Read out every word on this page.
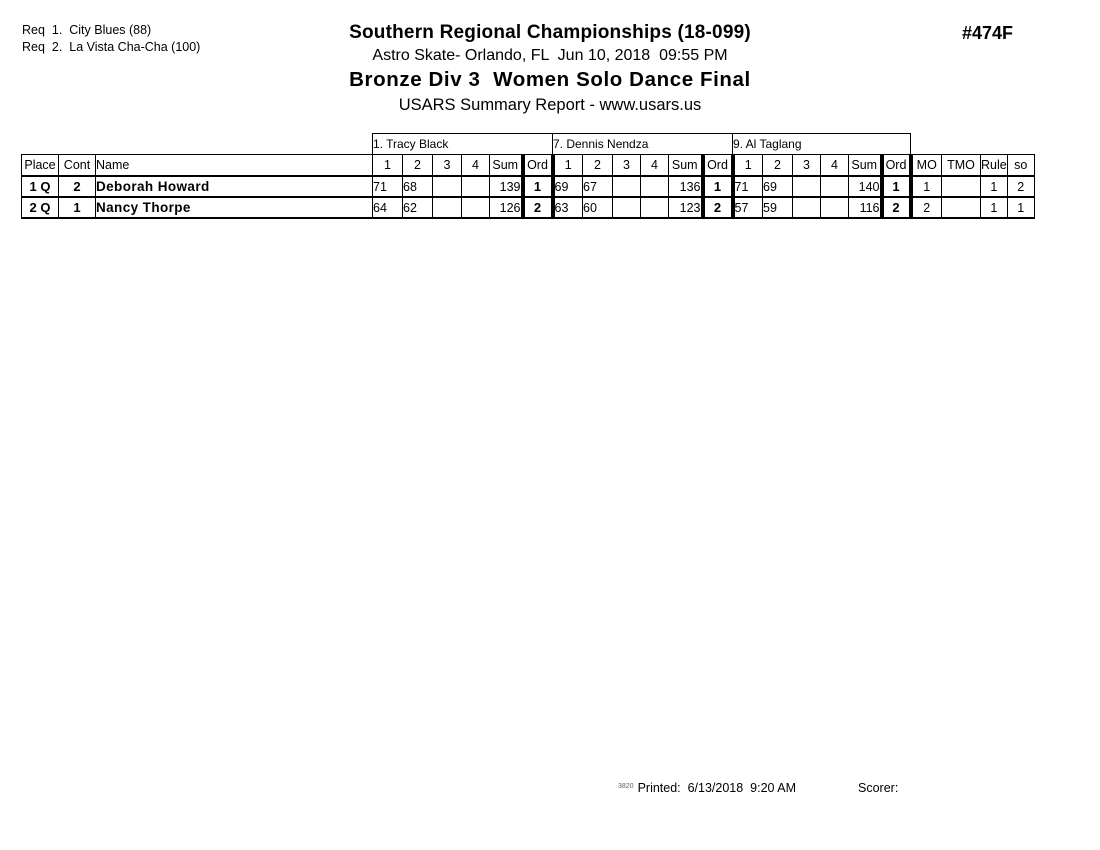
Req  1.  City Blues (88)
Req  2.  La Vista Cha-Cha (100)
Southern Regional Championships (18-099)
Astro Skate- Orlando, FL  Jun 10, 2018  09:55 PM
Bronze Div 3  Women Solo Dance Final
USARS Summary Report - www.usars.us
#474F
			1. Tracy Black						7. Dennis Nendza						9. Al Taglang									
Place	Cont	Name	1	2	3	4	Sum	Ord	1	2	3	4	Sum	Ord	1	2	3	4	Sum	Ord	MO	TMO	Rule	so
1 Q	2	Deborah Howard	71	68			139	1	69	67			136	1	71	69			140	1	1		1	2
2 Q	1	Nancy Thorpe	64	62			126	2	63	60			123	2	57	59			116	2	2		1	1
$^{3820}$ Printed:  6/13/2018  9:20 AM	Scorer:
